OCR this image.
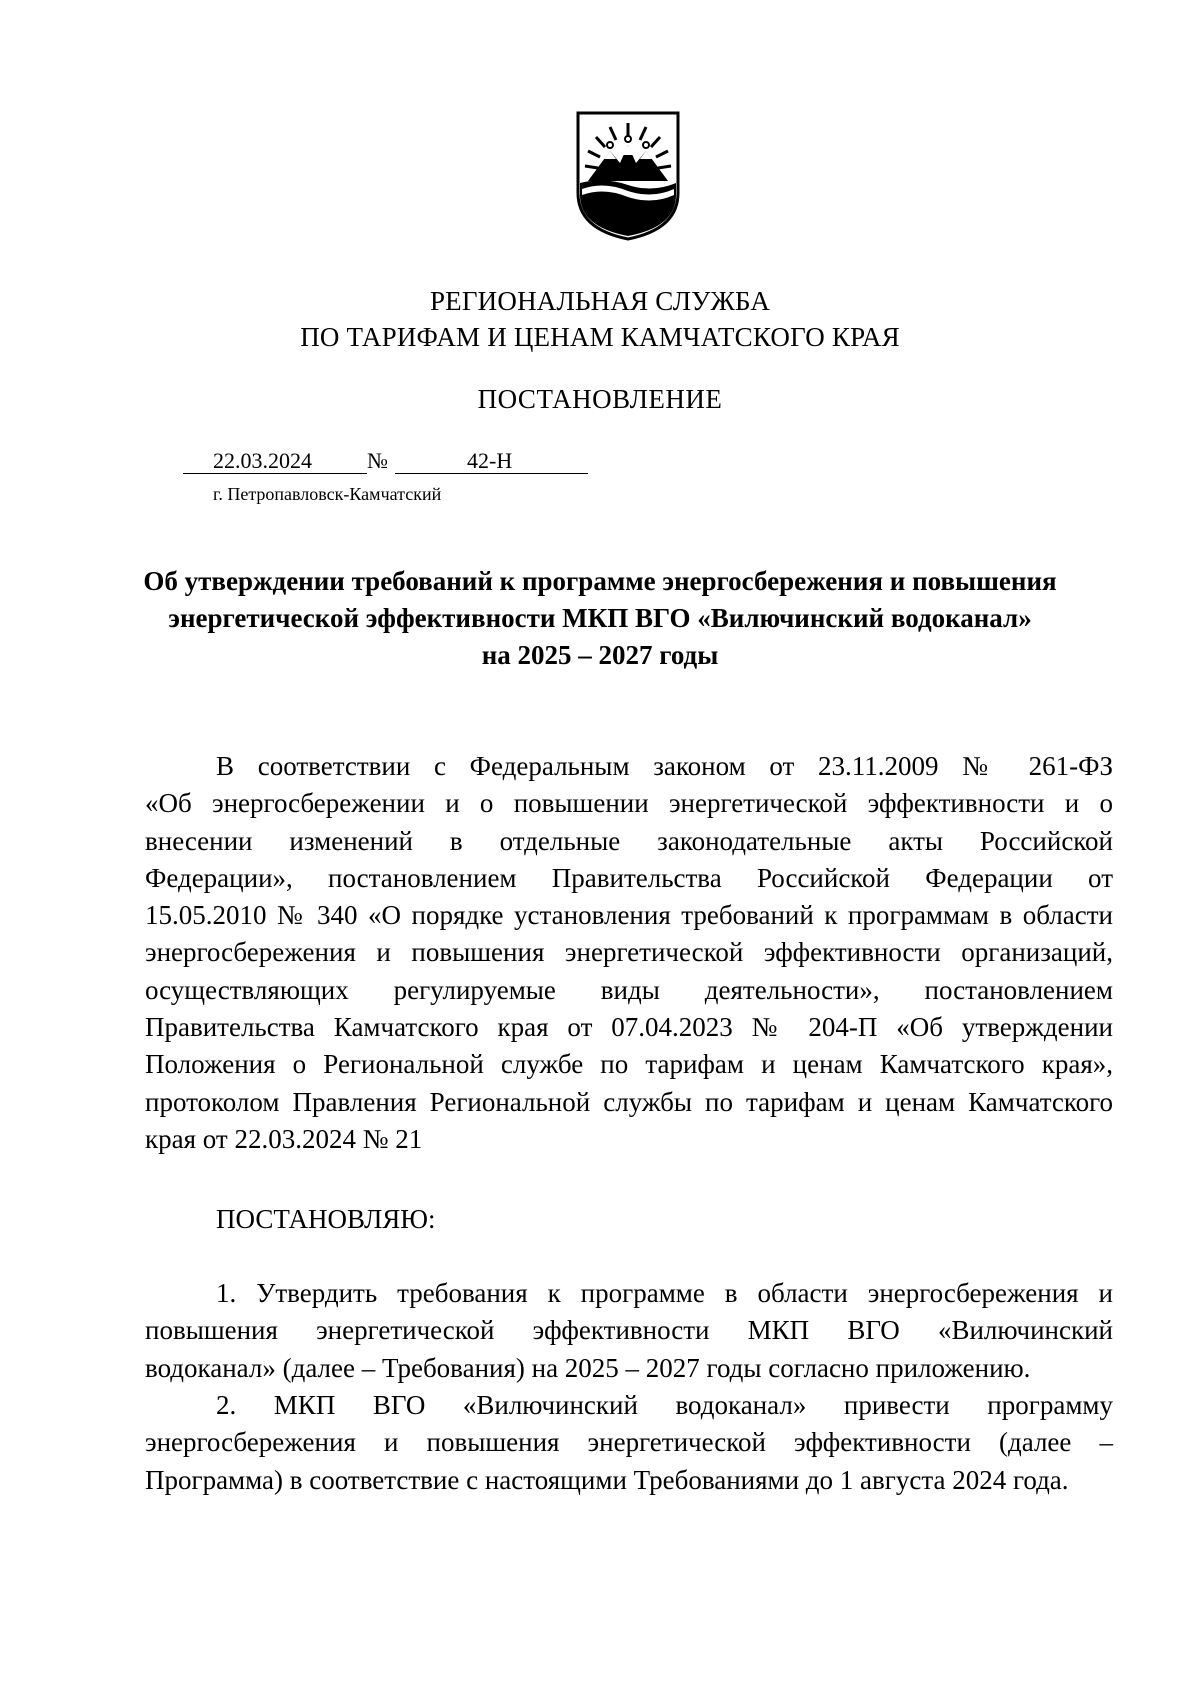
РЕГИОНАЛЬНАЯ СЛУЖБА
ПО ТАРИФАМ И ЦЕНАМ КАМЧАТСКОГО КРАЯ
ПОСТАНОВЛЕНИЕ
22.03.2024	№	42-Н
г. Петропавловск-Камчатский
Об утверждении требований к программе энергосбережения и повышения
энергетической эффективности МКП ВГО «Вилючинский водоканал»
на 2025 – 2027 годы
В соответствии с Федеральным законом от 23.11.2009 № 261-ФЗ
«Об энергосбережении и о повышении энергетической эффективности и о
внесении изменений в отдельные законодательные акты Российской
Федерации», постановлением Правительства Российской Федерации от
15.05.2010 № 340 «О порядке установления требований к программам в области
энергосбережения и повышения энергетической эффективности организаций,
осуществляющих регулируемые виды деятельности», постановлением
Правительства Камчатского края от 07.04.2023 № 204-П «Об утверждении
Положения о Региональной службе по тарифам и ценам Камчатского края»,
протоколом Правления Региональной службы по тарифам и ценам Камчатского
края от 22.03.2024 № 21
ПОСТАНОВЛЯЮ:
1. Утвердить требования к программе в области энергосбережения и
повышения энергетической эффективности МКП ВГО «Вилючинский
водоканал» (далее – Требования) на 2025 – 2027 годы согласно приложению.
2. МКП ВГО «Вилючинский водоканал» привести программу
энергосбережения и повышения энергетической эффективности (далее –
Программа) в соответствие с настоящими Требованиями до 1 августа 2024 года.
